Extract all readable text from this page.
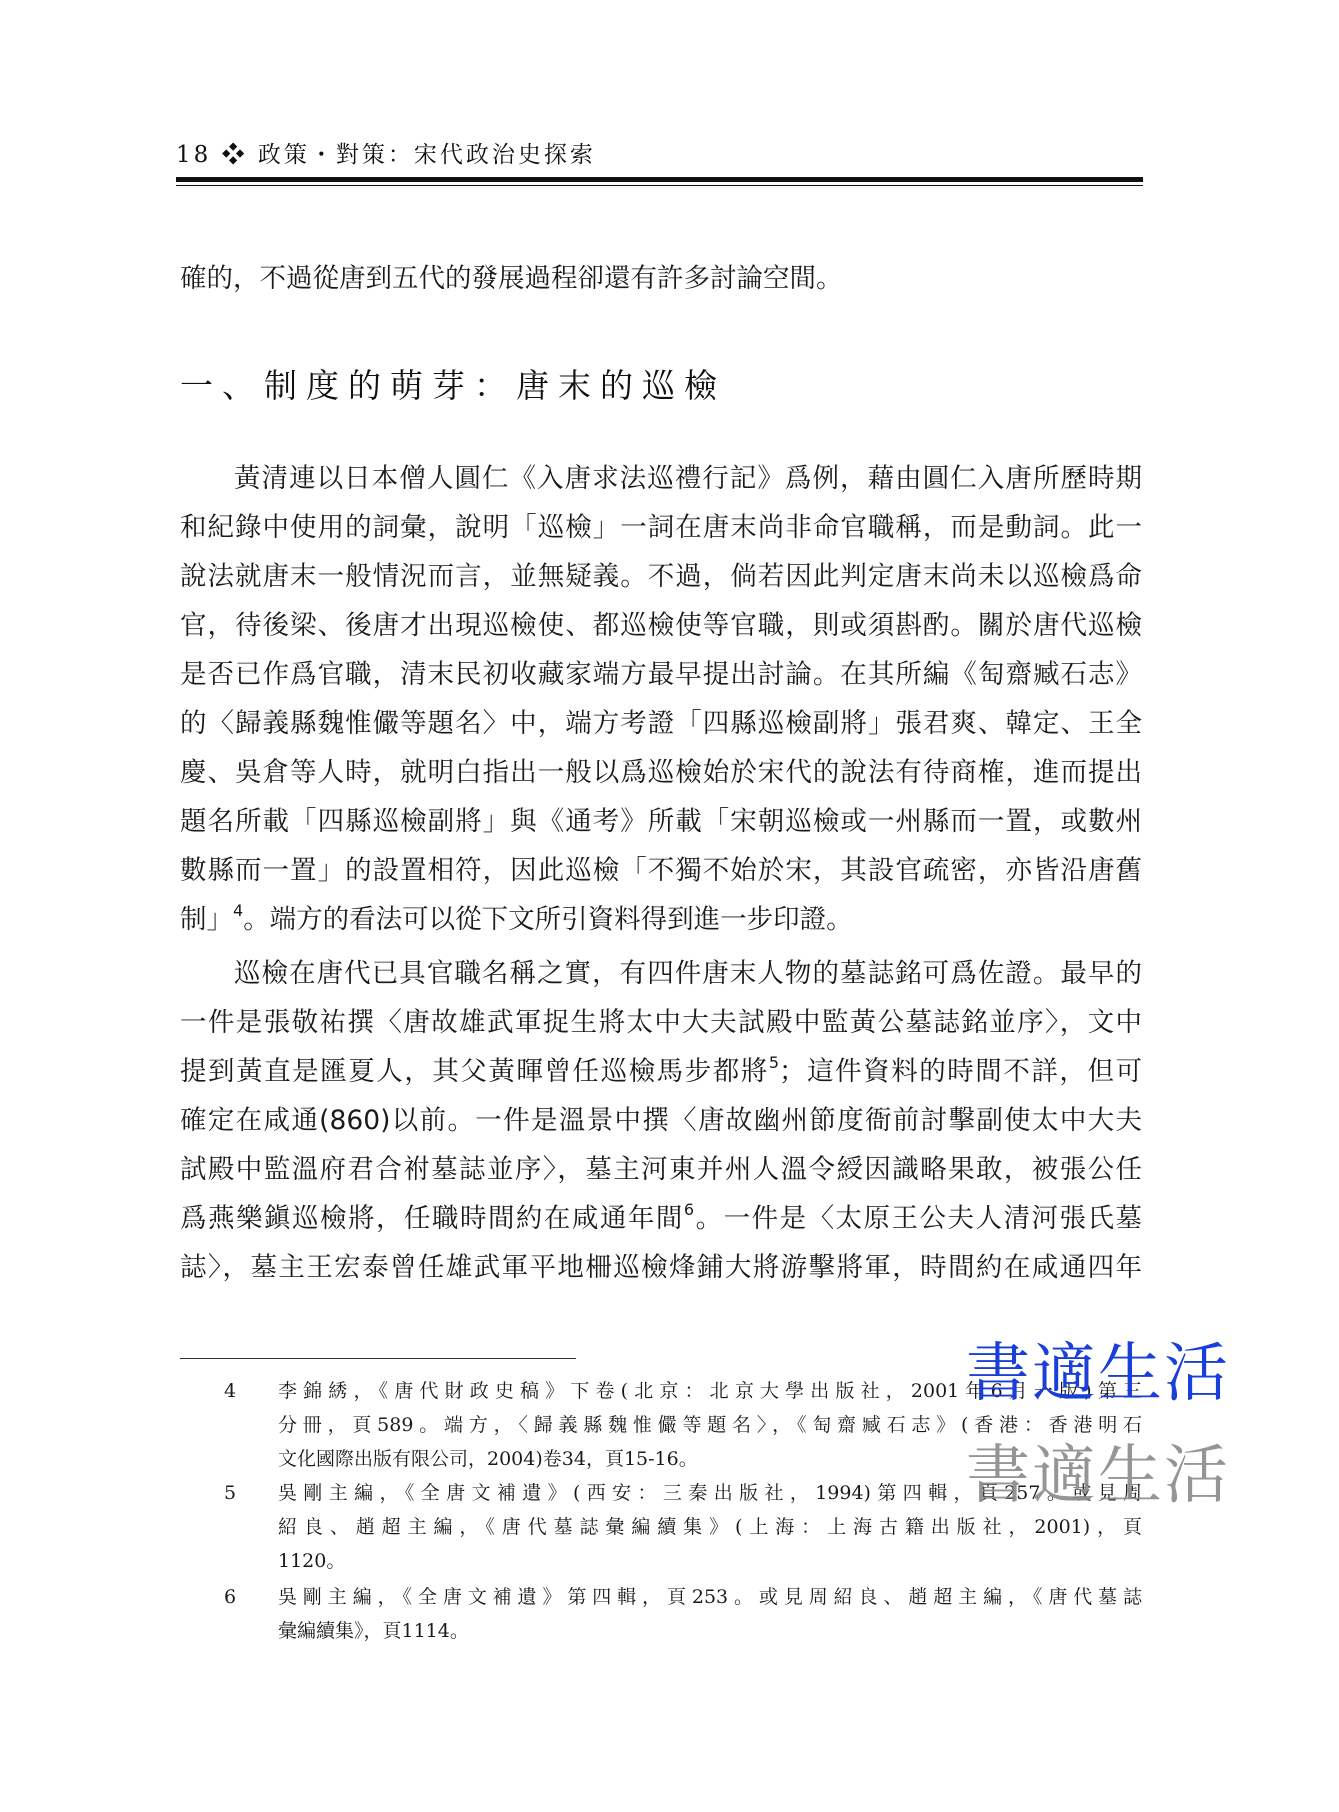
18 ❖ 政策・對策：宋代政治史探索
確的，不過從唐到五代的發展過程卻還有許多討論空間。
一、制度的萌芽：唐末的巡檢
黃清連以日本僧人圓仁《入唐求法巡禮行記》爲例，藉由圓仁入唐所歷時期
和紀錄中使用的詞彙，說明「巡檢」一詞在唐末尚非命官職稱，而是動詞。此一
說法就唐末一般情況而言，並無疑義。不過，倘若因此判定唐末尚未以巡檢爲命
官，待後梁、後唐才出現巡檢使、都巡檢使等官職，則或須斟酌。關於唐代巡檢
是否已作爲官職，清末民初收藏家端方最早提出討論。在其所編《匋齋臧石志》
的〈歸義縣魏惟儼等題名〉中，端方考證「四縣巡檢副將」張君爽、韓定、王全
慶、吳倉等人時，就明白指出一般以爲巡檢始於宋代的說法有待商榷，進而提出
題名所載「四縣巡檢副將」與《通考》所載「宋朝巡檢或一州縣而一置，或數州
數縣而一置」的設置相符，因此巡檢「不獨不始於宋，其設官疏密，亦皆沿唐舊
制」$^4$。端方的看法可以從下文所引資料得到進一步印證。
巡檢在唐代已具官職名稱之實，有四件唐末人物的墓誌銘可爲佐證。最早的
一件是張敬祐撰〈唐故雄武軍捉生將太中大夫試殿中監黃公墓誌銘並序〉，文中
提到黃直是匯夏人，其父黃暉曾任巡檢馬步都將$^5$；這件資料的時間不詳，但可
確定在咸通(860)以前。一件是溫景中撰〈唐故幽州節度衙前討擊副使太中大夫
試殿中監溫府君合祔墓誌並序〉，墓主河東并州人溫令綬因識略果敢，被張公任
爲燕樂鎭巡檢將，任職時間約在咸通年間$^6$。一件是〈太原王公夫人清河張氏墓
誌〉，墓主王宏泰曾任雄武軍平地柵巡檢烽鋪大將游擊將軍，時間約在咸通四年
4	李錦綉，《唐代財政史稿》下卷(北京：北京大學出版社，2001年6月一版)第三
分冊，頁589。端方，〈歸義縣魏惟儼等題名〉，《匋齋臧石志》(香港：香港明石
文化國際出版有限公司，2004)卷34，頁15-16。
5	吳剛主編，《全唐文補遺》(西安：三秦出版社，1994)第四輯，頁257。或見周
紹良、趙超主編，《唐代墓誌彙編續集》(上海：上海古籍出版社，2001)，頁
1120。
6	吳剛主編，《全唐文補遺》第四輯，頁253。或見周紹良、趙超主編，《唐代墓誌
彙編續集》，頁1114。
書適生活
書適生活
